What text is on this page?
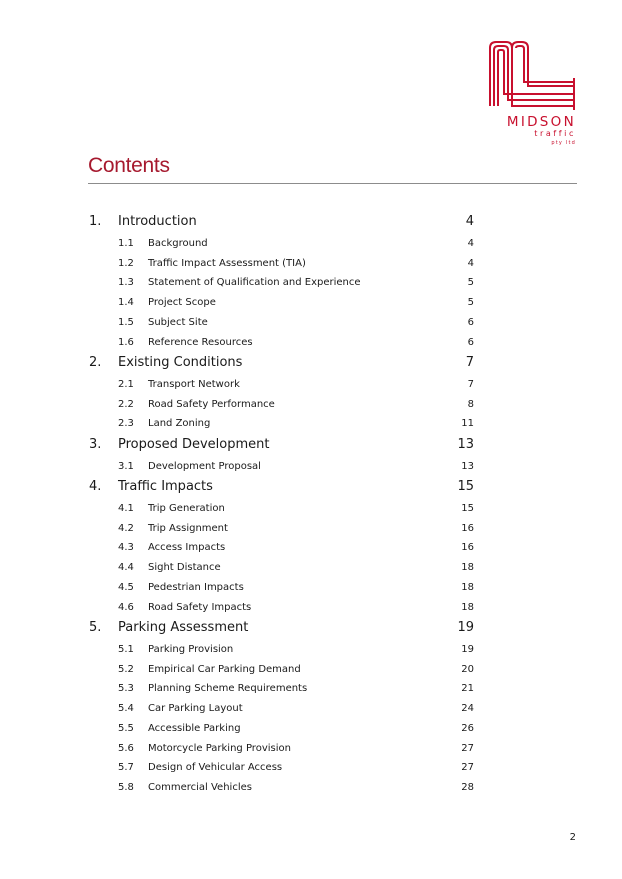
MIDSON
traffic
pty ltd
Contents
1. Introduction	4
1.1 Background	4
1.2 Traffic Impact Assessment (TIA)	4
1.3 Statement of Qualification and Experience	5
1.4 Project Scope	5
1.5 Subject Site	6
1.6 Reference Resources	6
2. Existing Conditions	7
2.1 Transport Network	7
2.2 Road Safety Performance	8
2.3 Land Zoning	11
3. Proposed Development	13
3.1 Development Proposal	13
4. Traffic Impacts	15
4.1 Trip Generation	15
4.2 Trip Assignment	16
4.3 Access Impacts	16
4.4 Sight Distance	18
4.5 Pedestrian Impacts	18
4.6 Road Safety Impacts	18
5. Parking Assessment	19
5.1 Parking Provision	19
5.2 Empirical Car Parking Demand	20
5.3 Planning Scheme Requirements	21
5.4 Car Parking Layout	24
5.5 Accessible Parking	26
5.6 Motorcycle Parking Provision	27
5.7 Design of Vehicular Access	27
5.8 Commercial Vehicles	28
2
